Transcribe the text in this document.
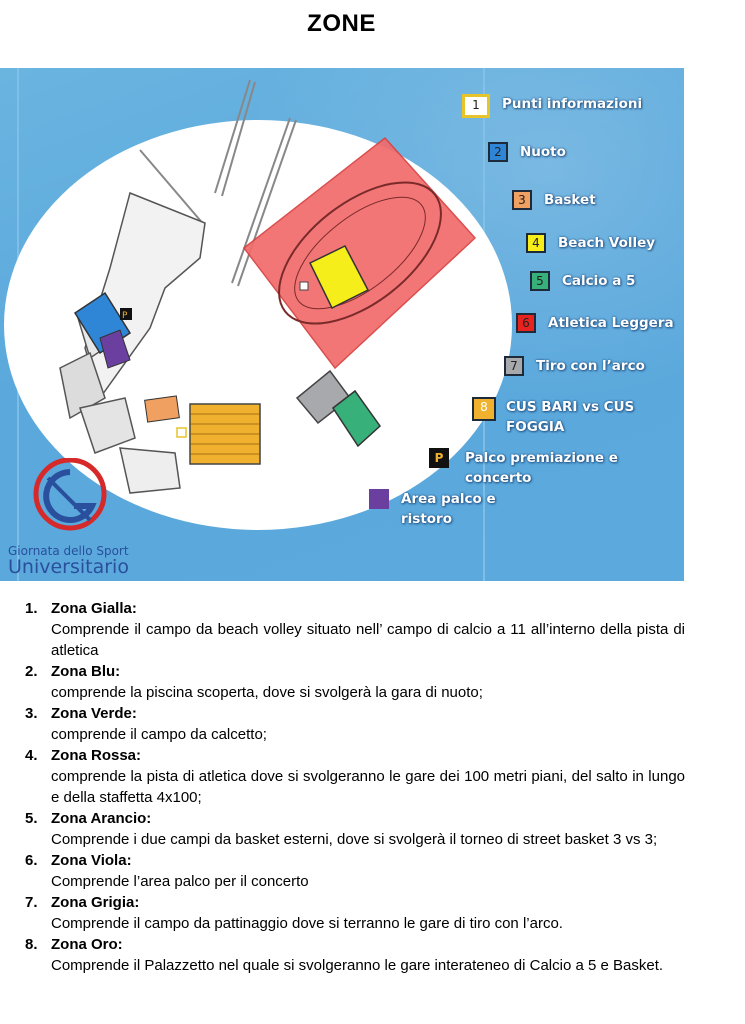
ZONE
P
1	Punti informazioni
2	Nuoto
3	Basket
4	Beach Volley
5	Calcio a 5
6	Atletica Leggera
7	Tiro con l’arco
8	CUS BARI vs CUS FOGGIA
P	Palco premiazione e concerto
Area palco e ristoro
Giornata dello Sport
Universitario
1. Zona Gialla:
Comprende il campo da beach volley situato nell’ campo di calcio a 11 all’interno della pista di atletica
2. Zona Blu:
comprende la piscina scoperta, dove si svolgerà la gara di nuoto;
3. Zona Verde:
comprende il campo da calcetto;
4. Zona Rossa:
comprende la pista di atletica dove si svolgeranno le gare dei 100 metri piani, del salto in lungo e della staffetta 4x100;
5. Zona Arancio:
Comprende i due campi da basket esterni, dove si svolgerà il torneo di street basket 3 vs 3;
6. Zona Viola:
Comprende l’area palco per il concerto
7. Zona Grigia:
Comprende il campo da pattinaggio dove si terranno le gare di tiro con l’arco.
8. Zona Oro:
Comprende il Palazzetto nel quale si svolgeranno le gare interateneo di Calcio a 5 e Basket.
